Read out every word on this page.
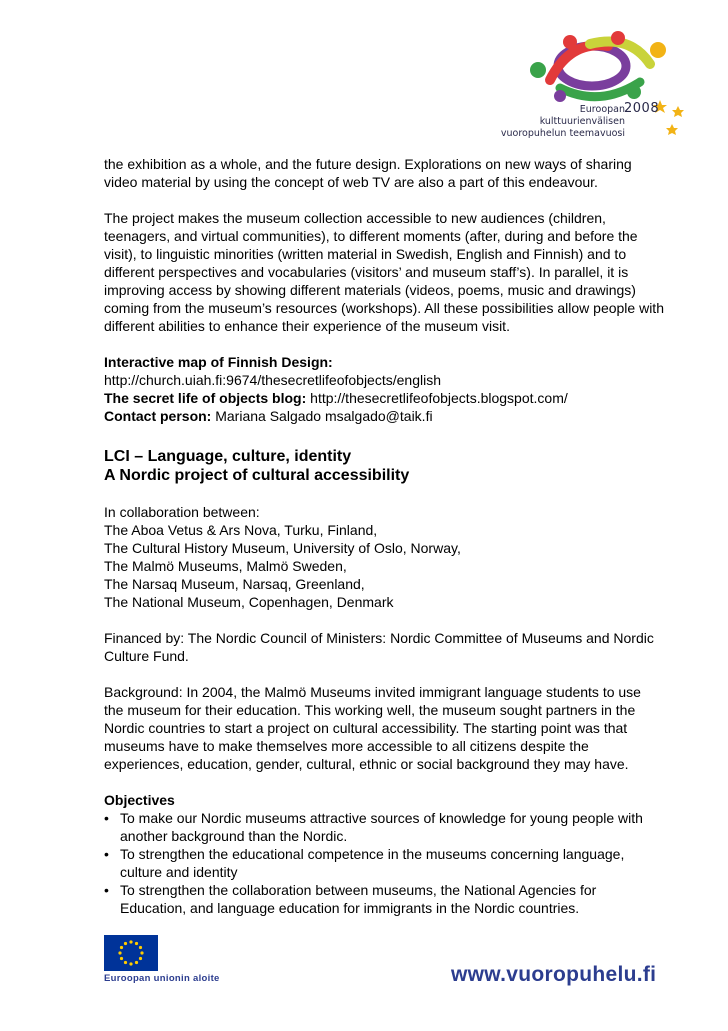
Euroopan kulttuurienvälisen
vuoropuhelun teemavuosi
2008

the exhibition as a whole, and the future design. Explorations on new ways of sharing video material by using the concept of web TV are also a part of this endeavour.

The project makes the museum collection accessible to new audiences (children, teenagers, and virtual communities), to different moments (after, during and before the visit), to linguistic minorities (written material in Swedish, English and Finnish) and to different perspectives and vocabularies (visitors’ and museum staff’s). In parallel, it is improving access by showing different materials (videos, poems, music and drawings) coming from the museum’s resources (workshops). All these possibilities allow people with different abilities to enhance their experience of the museum visit.

Interactive map of Finnish Design:
http://church.uiah.fi:9674/thesecretlifeofobjects/english

The secret life of objects blog: http://thesecretlifeofobjects.blogspot.com/

Contact person: Mariana Salgado msalgado@taik.fi

LCI – Language, culture, identity
A Nordic project of cultural accessibility

In collaboration between:

The Aboa Vetus & Ars Nova, Turku, Finland,

The Cultural History Museum, University of Oslo, Norway,

The Malmö Museums, Malmö Sweden,

The Narsaq Museum, Narsaq, Greenland,

The National Museum, Copenhagen, Denmark

Financed by: The Nordic Council of Ministers: Nordic Committee of Museums and Nordic Culture Fund.

Background: In 2004, the Malmö Museums invited immigrant language students to use the museum for their education. This working well, the museum sought partners in the Nordic countries to start a project on cultural accessibility. The starting point was that museums have to make themselves more accessible to all citizens despite the experiences, education, gender, cultural, ethnic or social background they may have.

Objectives

• To make our Nordic museums attractive sources of knowledge for young people with another background than the Nordic.
• To strengthen the educational competence in the museums concerning language, culture and identity
• To strengthen the collaboration between museums, the National Agencies for Education, and language education for immigrants in the Nordic countries.
Euroopan unionin aloite	www.vuoropuhelu.fi
